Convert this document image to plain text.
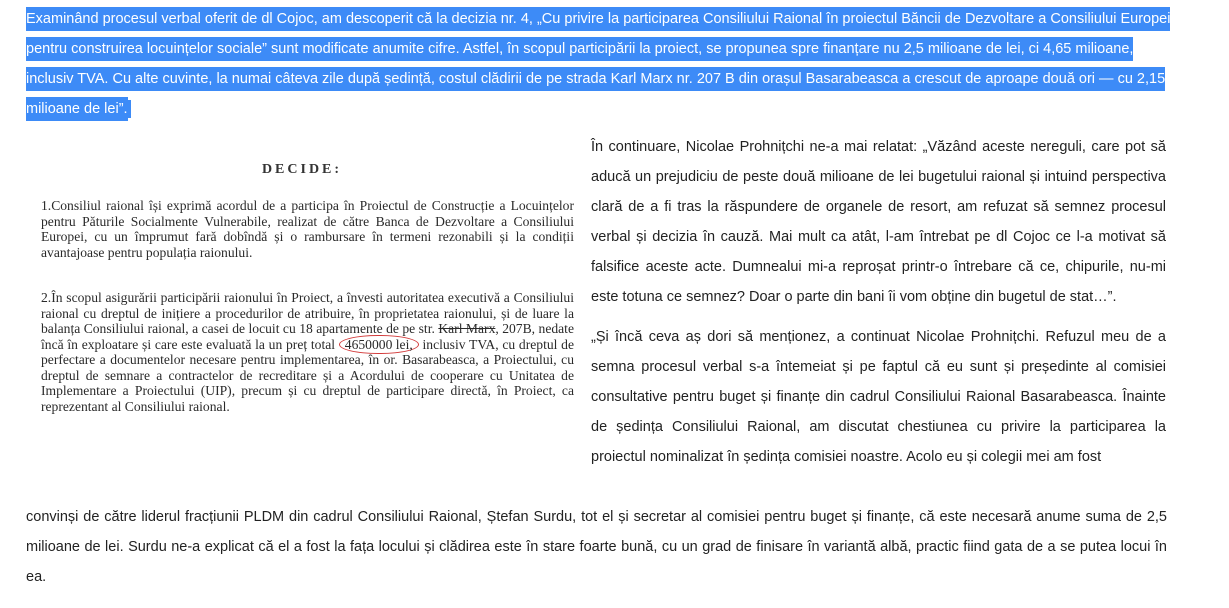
Examinând procesul verbal oferit de dl Cojoc, am descoperit că la decizia nr. 4, „Cu privire la participarea Consiliului Raional în proiectul Băncii de Dezvoltare a Consiliului Europei pentru construirea locuințelor sociale” sunt modificate anumite cifre. Astfel, în scopul participării la proiect, se propunea spre finanțare nu 2,5 milioane de lei, ci 4,65 milioane, inclusiv TVA. Cu alte cuvinte, la numai câteva zile după ședință, costul clădirii de pe strada Karl Marx nr. 207 B din orașul Basarabeasca a crescut de aproape două ori — cu 2,15 milioane de lei”.
DECIDE:
1.Consiliul raional își exprimă acordul de a participa în Proiectul de Construcție a Locuințelor pentru Păturile Socialmente Vulnerabile, realizat de către Banca de Dezvoltare a Consiliului Europei, cu un împrumut fară dobîndă și o rambursare în termeni rezonabili și la condiții avantajoase pentru populația raionului.
2.În scopul asigurării participării raionului în Proiect, a învesti autoritatea executivă a Consiliului raional cu dreptul de inițiere a procedurilor de atribuire, în proprietatea raionului, și de luare la balanța Consiliului raional, a casei de locuit cu 18 apartamente de pe str. Karl Marx, 207B, nedate încă în exploatare și care este evaluată la un preț total 4650000 lei, inclusiv TVA, cu dreptul de perfectare a documentelor necesare pentru implementarea, în or. Basarabeasca, a Proiectului, cu dreptul de semnare a contractelor de recreditare și a Acordului de cooperare cu Unitatea de Implementare a Proiectului (UIP), precum și cu dreptul de participare directă, în Proiect, ca reprezentant al Consiliului raional.

În continuare, Nicolae Prohnițchi ne-a mai relatat: „Văzând aceste nereguli, care pot să aducă un prejudiciu de peste două milioane de lei bugetului raional și intuind perspectiva clară de a fi tras la răspundere de organele de resort, am refuzat să semnez procesul verbal și decizia în cauză. Mai mult ca atât, l-am întrebat pe dl Cojoc ce l-a motivat să falsifice aceste acte. Dumnealui mi-a reproșat printr-o întrebare că ce, chipurile, nu-mi este totuna ce semnez? Doar o parte din bani îi vom obține din bugetul de stat…”.

„Și încă ceva aș dori să menționez, a continuat Nicolae Prohnițchi. Refuzul meu de a semna procesul verbal s-a întemeiat și pe faptul că eu sunt și președinte al comisiei consultative pentru buget și finanțe din cadrul Consiliului Raional Basarabeasca. Înainte de ședința Consiliului Raional, am discutat chestiunea cu privire la participarea la proiectul nominalizat în ședința comisiei noastre. Acolo eu și colegii mei am fost

convinși de către liderul fracțiunii PLDM din cadrul Consiliului Raional, Ștefan Surdu, tot el și secretar al comisiei pentru buget și finanțe, că este necesară anume suma de 2,5 milioane de lei. Surdu ne-a explicat că el a fost la fața locului și clădirea este în stare foarte bună, cu un grad de finisare în variantă albă, practic fiind gata de a se putea locui în ea.
